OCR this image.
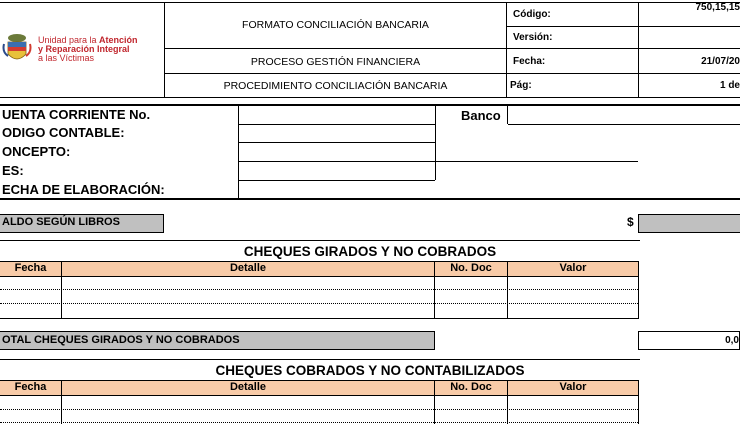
Unidad para la Atención
y Reparación Integral
a las Víctimas
FORMATO CONCILIACIÓN BANCARIA
PROCESO GESTIÓN FINANCIERA
PROCEDIMIENTO CONCILIACIÓN BANCARIA
Código:
750,15,15
Versión:
Fecha:	21/07/20
Pág:	1 de
UENTA CORRIENTE No.	Banco
ODIGO CONTABLE:
ONCEPTO:
ES:
ECHA DE ELABORACIÓN:
ALDO SEGÚN LIBROS	$
CHEQUES GIRADOS Y NO COBRADOS
Fecha	Detalle	No. Doc	Valor
OTAL CHEQUES GIRADOS Y NO COBRADOS	0,0
CHEQUES COBRADOS Y NO CONTABILIZADOS
Fecha	Detalle	No. Doc	Valor
